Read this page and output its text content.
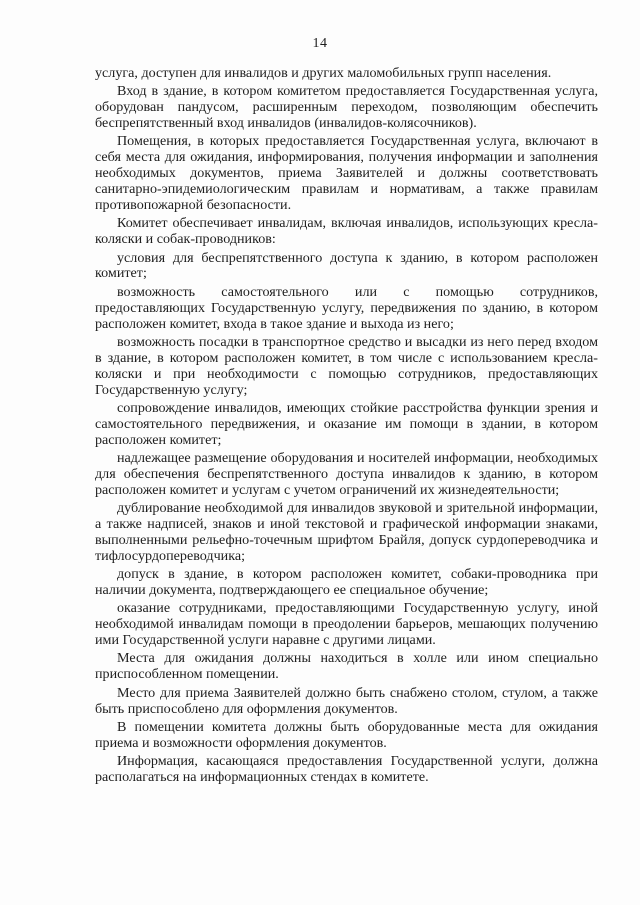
14

услуга, доступен для инвалидов и других маломобильных групп населения.

Вход в здание, в котором комитетом предоставляется Государственная услуга, оборудован пандусом, расширенным переходом, позволяющим обеспечить беспрепятственный вход инвалидов (инвалидов-колясочников).

Помещения, в которых предоставляется Государственная услуга, включают в себя места для ожидания, информирования, получения информации и заполнения необходимых документов, приема Заявителей и должны соответствовать санитарно-эпидемиологическим правилам и нормативам, а также правилам противопожарной безопасности.

Комитет обеспечивает инвалидам, включая инвалидов, использующих кресла-коляски и собак-проводников:

условия для беспрепятственного доступа к зданию, в котором расположен комитет;

возможность самостоятельного или с помощью сотрудников, предоставляющих Государственную услугу, передвижения по зданию, в котором расположен комитет, входа в такое здание и выхода из него;

возможность посадки в транспортное средство и высадки из него перед входом в здание, в котором расположен комитет, в том числе с использованием кресла-коляски и при необходимости с помощью сотрудников, предоставляющих Государственную услугу;

сопровождение инвалидов, имеющих стойкие расстройства функции зрения и самостоятельного передвижения, и оказание им помощи в здании, в котором расположен комитет;

надлежащее размещение оборудования и носителей информации, необходимых для обеспечения беспрепятственного доступа инвалидов к зданию, в котором расположен комитет и услугам с учетом ограничений их жизнедеятельности;

дублирование необходимой для инвалидов звуковой и зрительной информации, а также надписей, знаков и иной текстовой и графической информации знаками, выполненными рельефно-точечным шрифтом Брайля, допуск сурдопереводчика и тифлосурдопереводчика;

допуск в здание, в котором расположен комитет, собаки-проводника при наличии документа, подтверждающего ее специальное обучение;

оказание сотрудниками, предоставляющими Государственную услугу, иной необходимой инвалидам помощи в преодолении барьеров, мешающих получению ими Государственной услуги наравне с другими лицами.

Места для ожидания должны находиться в холле или ином специально приспособленном помещении.

Место для приема Заявителей должно быть снабжено столом, стулом, а также быть приспособлено для оформления документов.

В помещении комитета должны быть оборудованные места для ожидания приема и возможности оформления документов.

Информация, касающаяся предоставления Государственной услуги, должна располагаться на информационных стендах в комитете.
